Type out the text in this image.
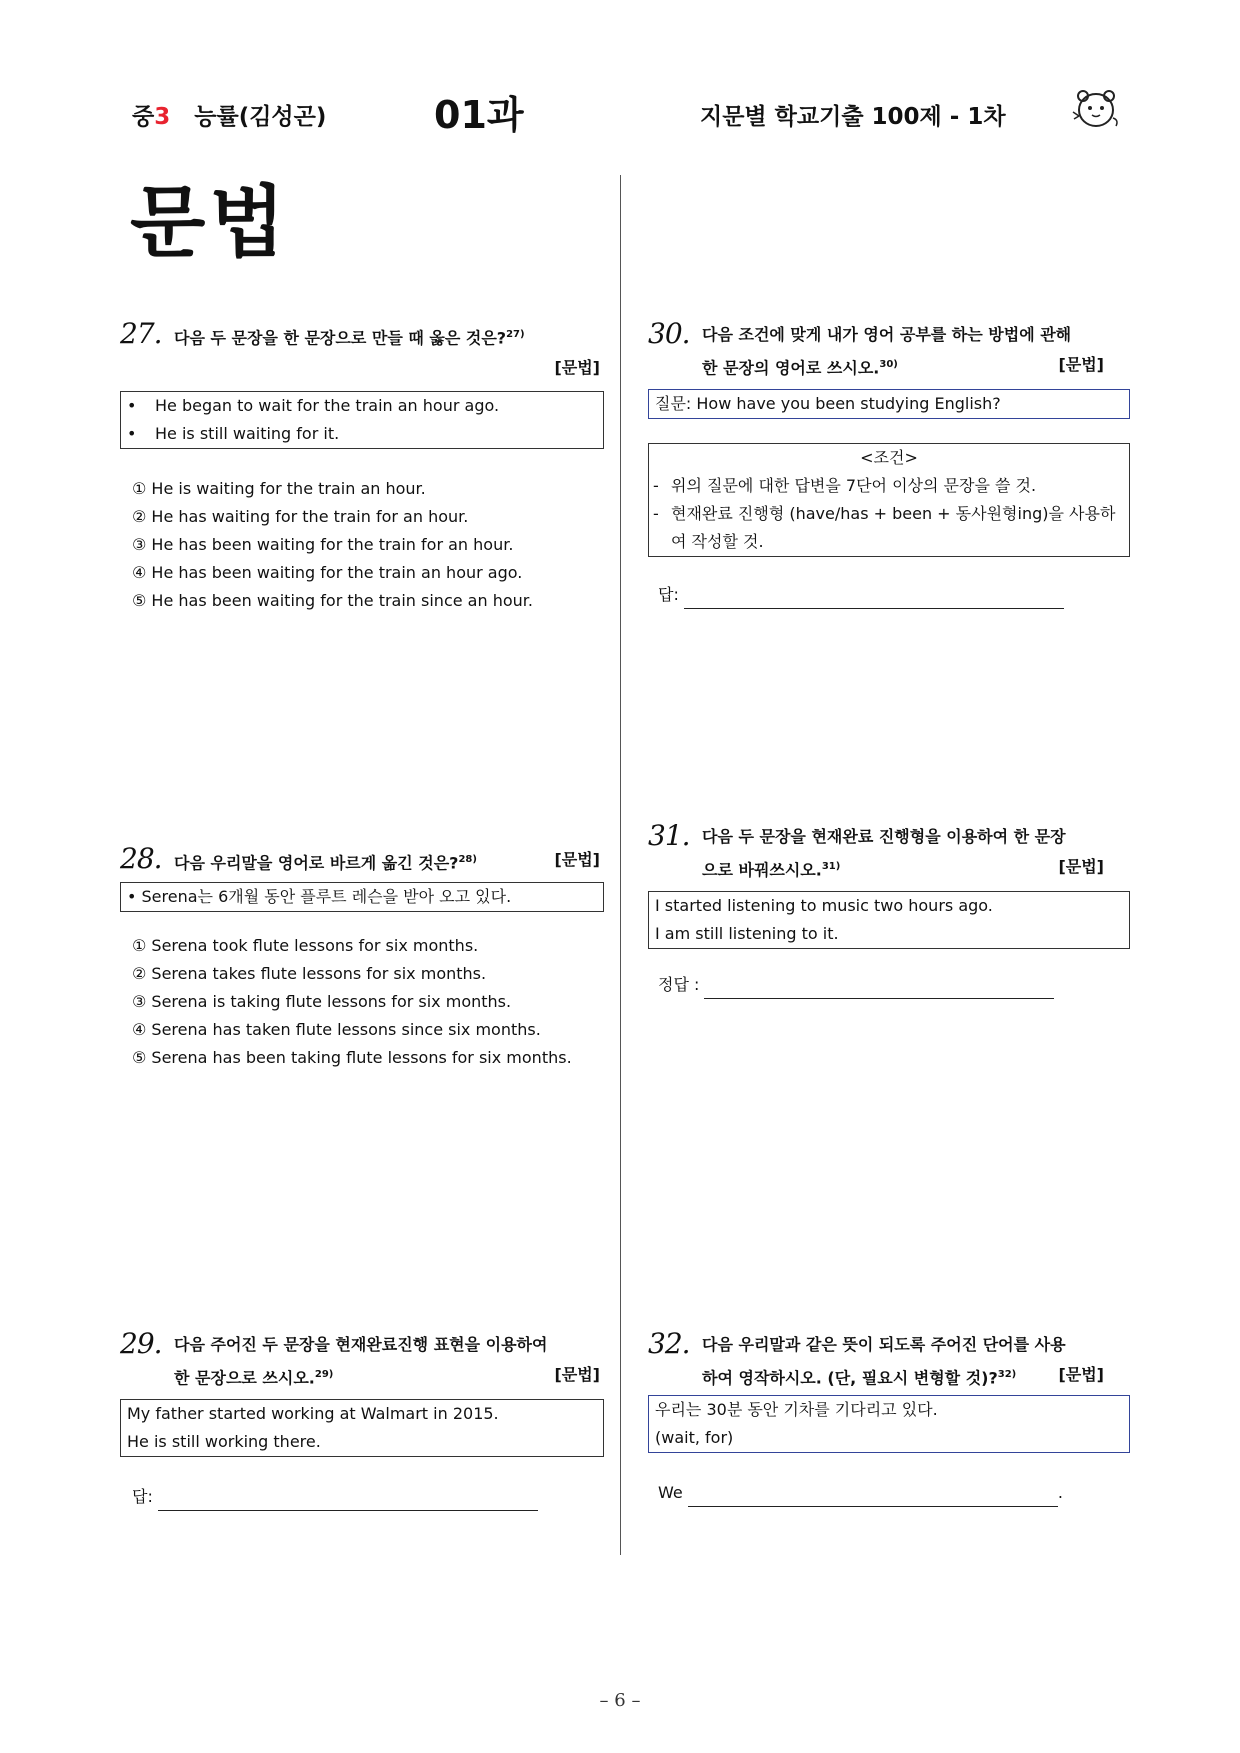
중3 능률(김성곤)	01과	지문별 학교기출 100제 - 1차
문법
27. 다음 두 문장을 한 문장으로 만들 때 옳은 것은?$^{27)}$

[문법]
•	He began to wait for the train an hour ago.
•	He is still waiting for it.
① He is waiting for the train an hour.
② He has waiting for the train for an hour.
③ He has been waiting for the train for an hour.
④ He has been waiting for the train an hour ago.
⑤ He has been waiting for the train since an hour.
28. 다음 우리말을 영어로 바르게 옮긴 것은?$^{28)}$	[문법]
• Serena는 6개월 동안 플루트 레슨을 받아 오고 있다.
① Serena took flute lessons for six months.
② Serena takes flute lessons for six months.
③ Serena is taking flute lessons for six months.
④ Serena has taken flute lessons since six months.
⑤ Serena has been taking flute lessons for six months.
29. 다음 주어진 두 문장을 현재완료진행 표현을 이용하여
한 문장으로 쓰시오.$^{29)}$	[문법]
My father started working at Walmart in 2015.
He is still working there.
답:
30. 다음 조건에 맞게 내가 영어 공부를 하는 방법에 관해
한 문장의 영어로 쓰시오.$^{30)}$	[문법]
질문: How have you been studying English?
<조건>
- 위의 질문에 대한 답변을 7단어 이상의 문장을 쓸 것.
- 현재완료 진행형 (have/has + been + 동사원형ing)을 사용하여 작성할 것.
답:
31. 다음 두 문장을 현재완료 진행형을 이용하여 한 문장
으로 바꿔쓰시오.$^{31)}$	[문법]
I started listening to music two hours ago.
I am still listening to it.
정답 :
32. 다음 우리말과 같은 뜻이 되도록 주어진 단어를 사용
하여 영작하시오. (단, 필요시 변형할 것)?$^{32)}$	[문법]
우리는 30분 동안 기차를 기다리고 있다.
(wait, for)
We	.
– 6 –
